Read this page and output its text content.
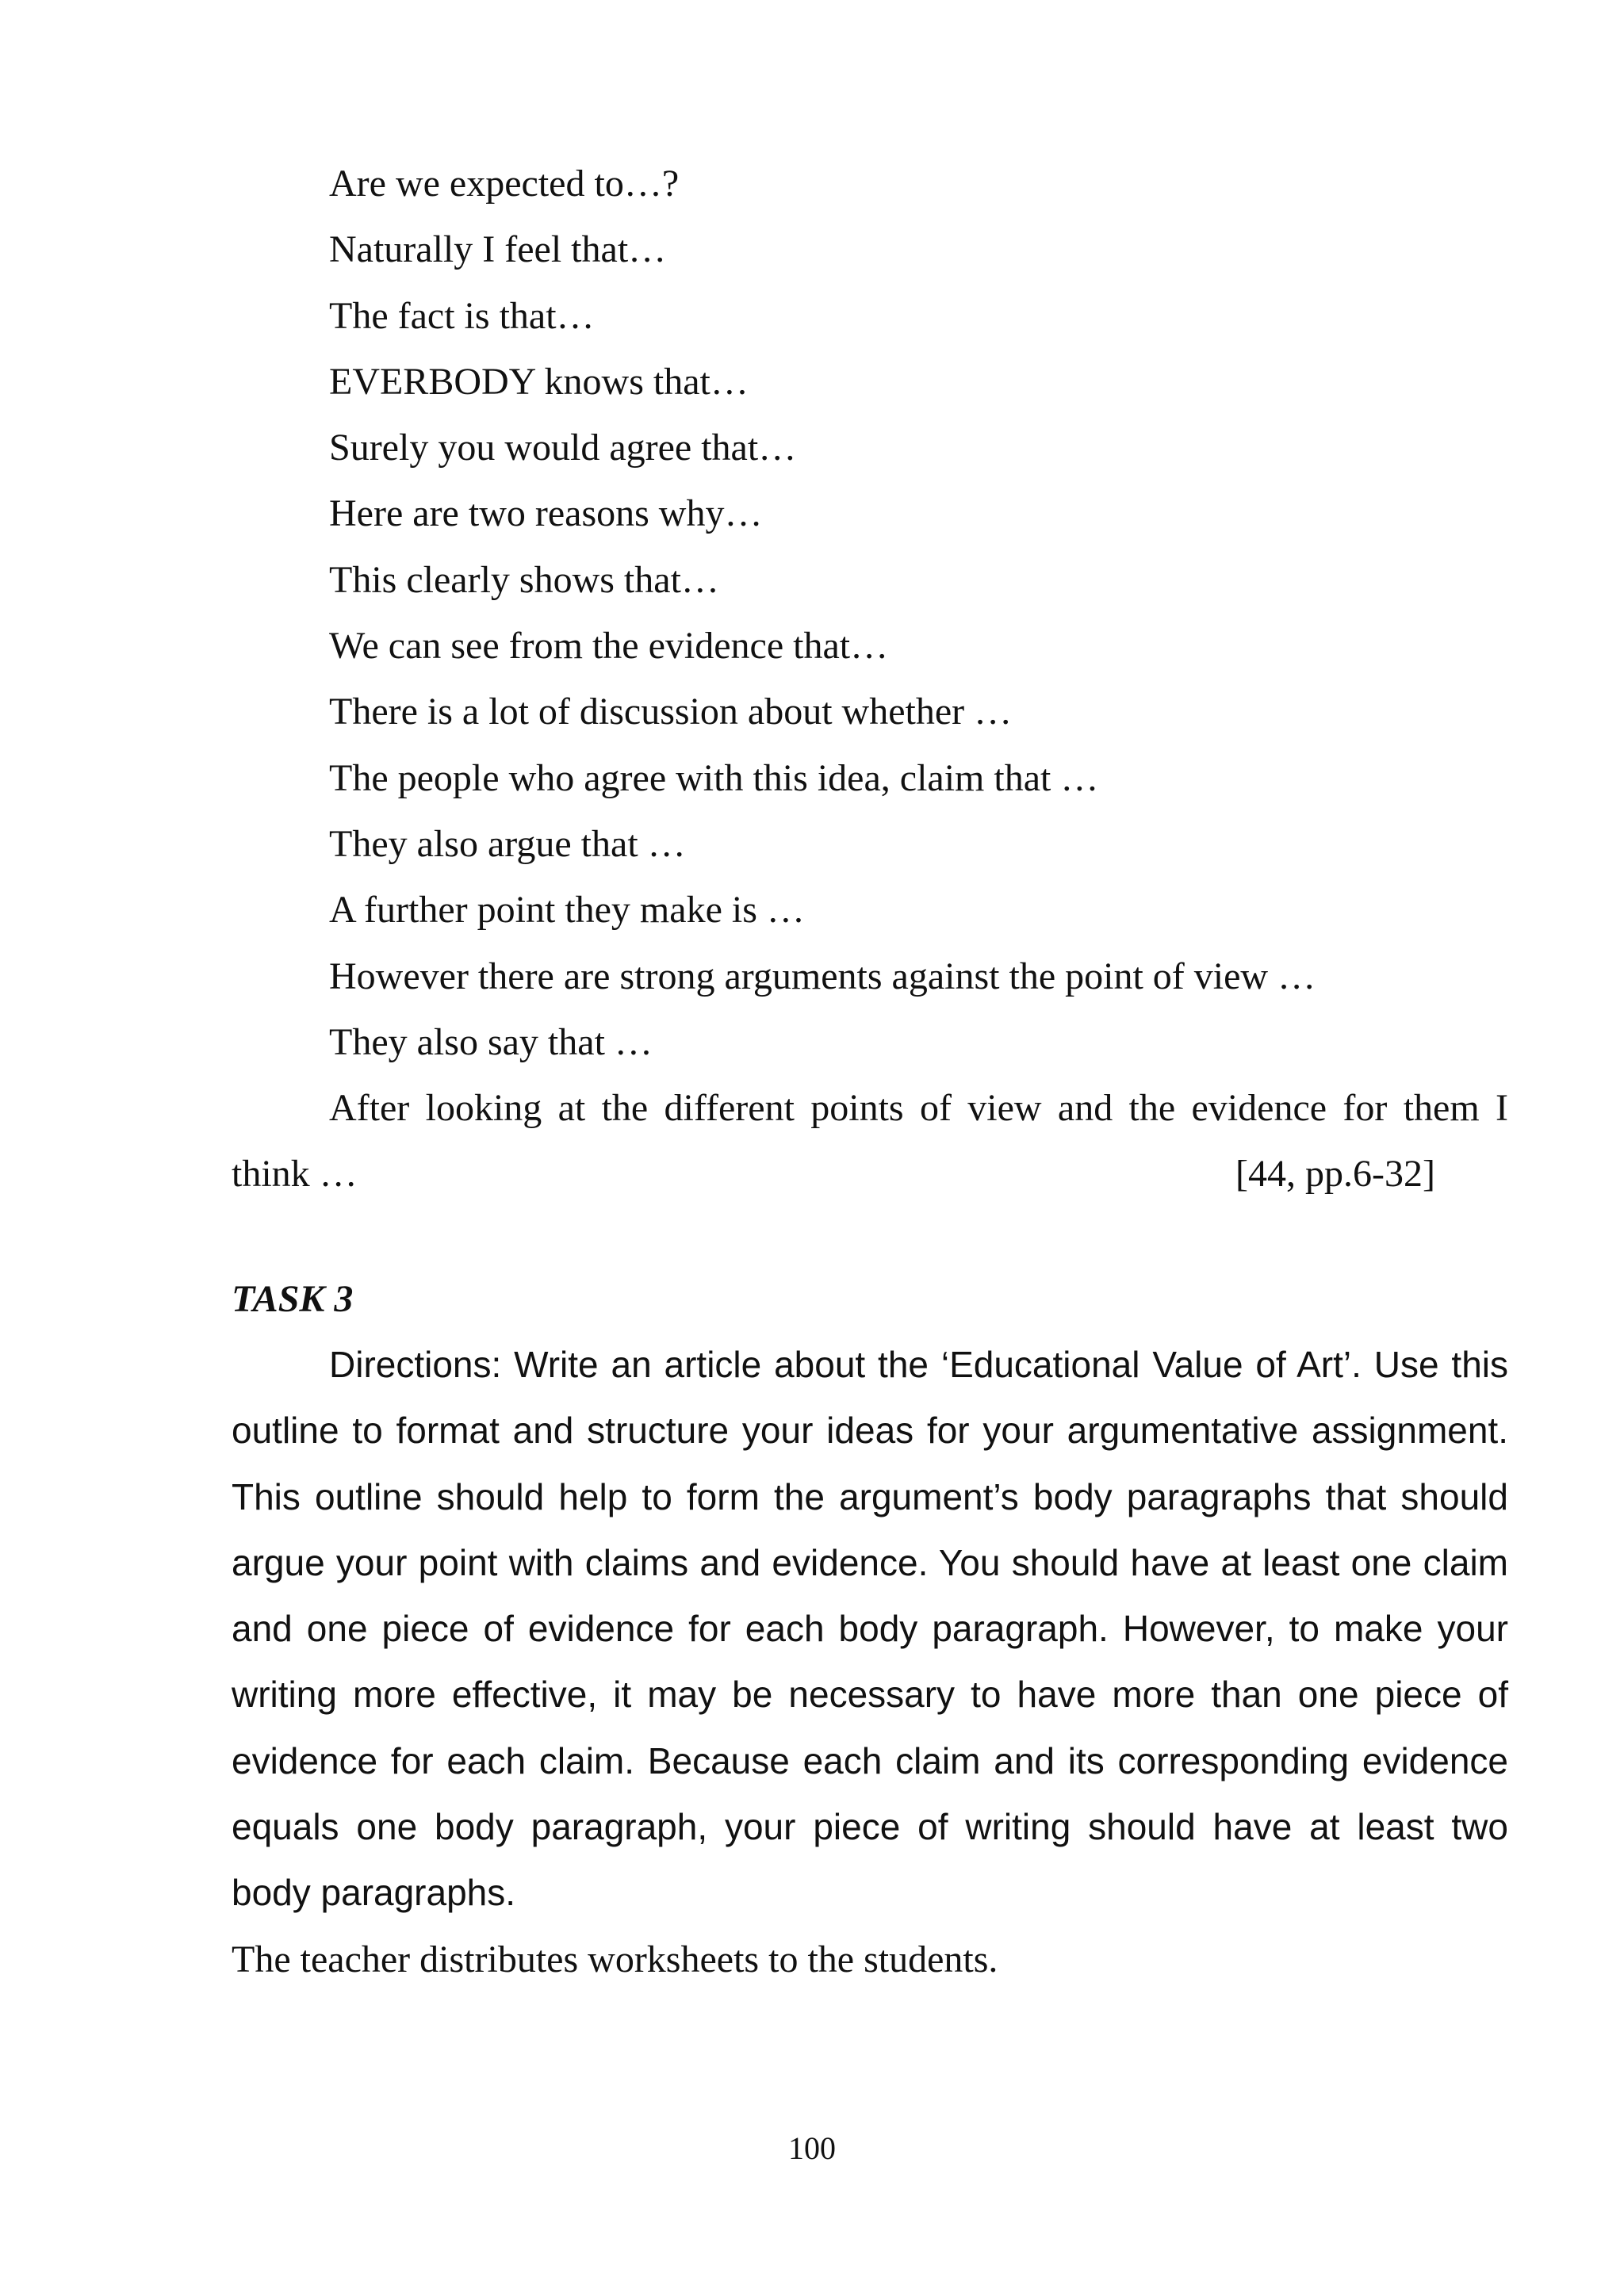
Are we expected to…?
Naturally I feel that…
The fact is that…
EVERBODY knows that…
Surely you would agree that…
Here are two reasons why…
This clearly shows that…
We can see from the evidence that…
There is a lot of discussion about whether …
The people who agree with this idea, claim that …
They also argue that …
A further point they make is …
However there are strong arguments against the point of view …
They also say that …
After looking at the different points of view and the evidence for them I
think …	[44, pp.6-32]
TASK 3

Directions: Write an article about the ‘Educational Value of Art’. Use this outline to format and structure your ideas for your argumentative assignment. This outline should help to form the argument’s body paragraphs that should argue your point with claims and evidence. You should have at least one claim and one piece of evidence for each body paragraph. However, to make your writing more effective, it may be necessary to have more than one piece of evidence for each claim. Because each claim and its corresponding evidence equals one body paragraph, your piece of writing should have at least two body paragraphs.

The teacher distributes worksheets to the students.
100
